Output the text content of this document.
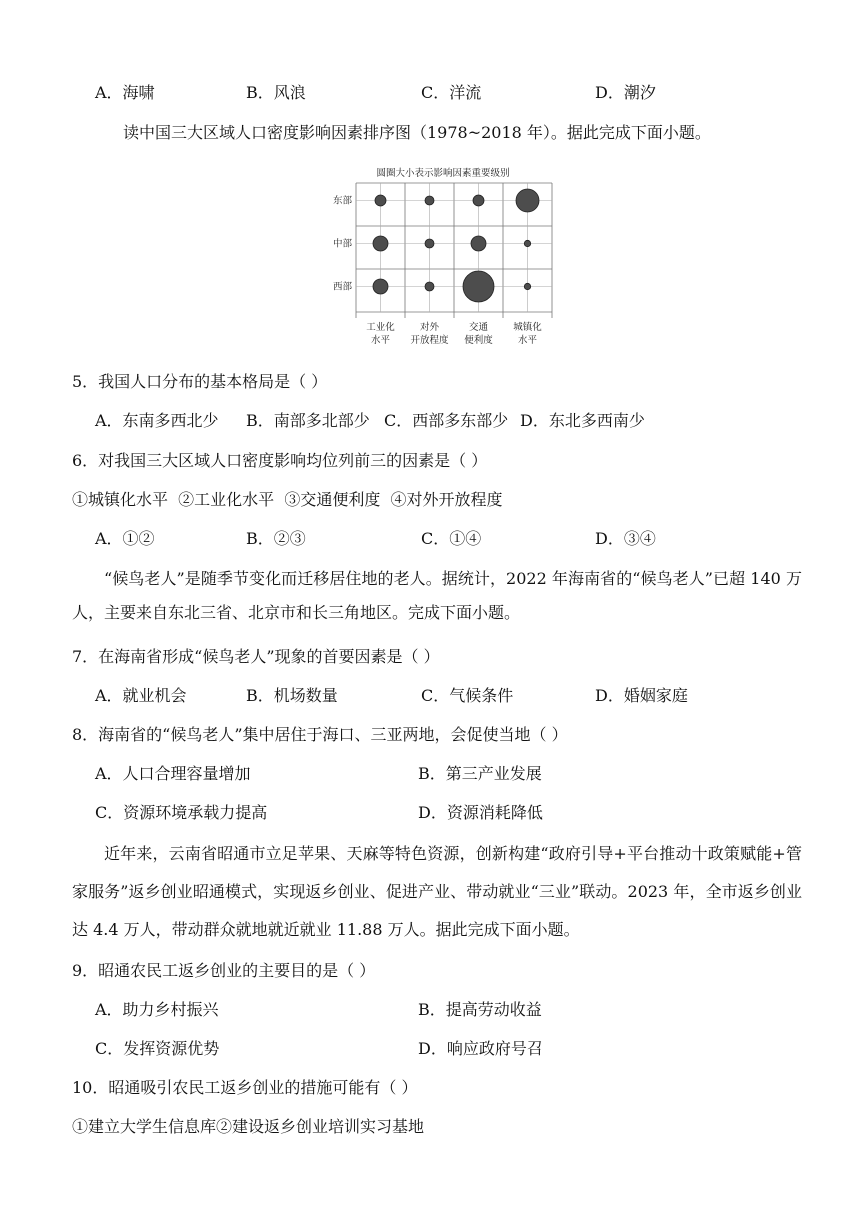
A．海啸	B．风浪	C．洋流	D．潮汐
读中国三大区域人口密度影响因素排序图（1978~2018 年）。据此完成下面小题。
圆圈大小表示影响因素重要级别
东部
中部
西部
工业化
水平
对外
开放程度
交通
便利度
城镇化
水平
5．我国人口分布的基本格局是（ ）
A．东南多西北少 B．南部多北部少 C．西部多东部少 D．东北多西南少
6．对我国三大区域人口密度影响均位列前三的因素是（ ）
①城镇化水平  ②工业化水平  ③交通便利度  ④对外开放程度
A．①②	B．②③	C．①④	D．③④

“候鸟老人”是随季节变化而迁移居住地的老人。据统计，2022 年海南省的“候鸟老人”已超 140 万人，主要来自东北三省、北京市和长三角地区。完成下面小题。

7．在海南省形成“候鸟老人”现象的首要因素是（ ）
A．就业机会	B．机场数量	C．气候条件	D．婚姻家庭
8．海南省的“候鸟老人”集中居住于海口、三亚两地，会促使当地（ ）
A．人口合理容量增加	B．第三产业发展
C．资源环境承载力提高	D．资源消耗降低

近年来，云南省昭通市立足苹果、天麻等特色资源，创新构建“政府引导+平台推动十政策赋能+管家服务”返乡创业昭通模式，实现返乡创业、促进产业、带动就业“三业”联动。2023 年，全市返乡创业达 4.4 万人，带动群众就地就近就业 11.88 万人。据此完成下面小题。

9．昭通农民工返乡创业的主要目的是（ ）
A．助力乡村振兴	B．提高劳动收益
C．发挥资源优势	D．响应政府号召
10．昭通吸引农民工返乡创业的措施可能有（ ）
①建立大学生信息库②建设返乡创业培训实习基地
